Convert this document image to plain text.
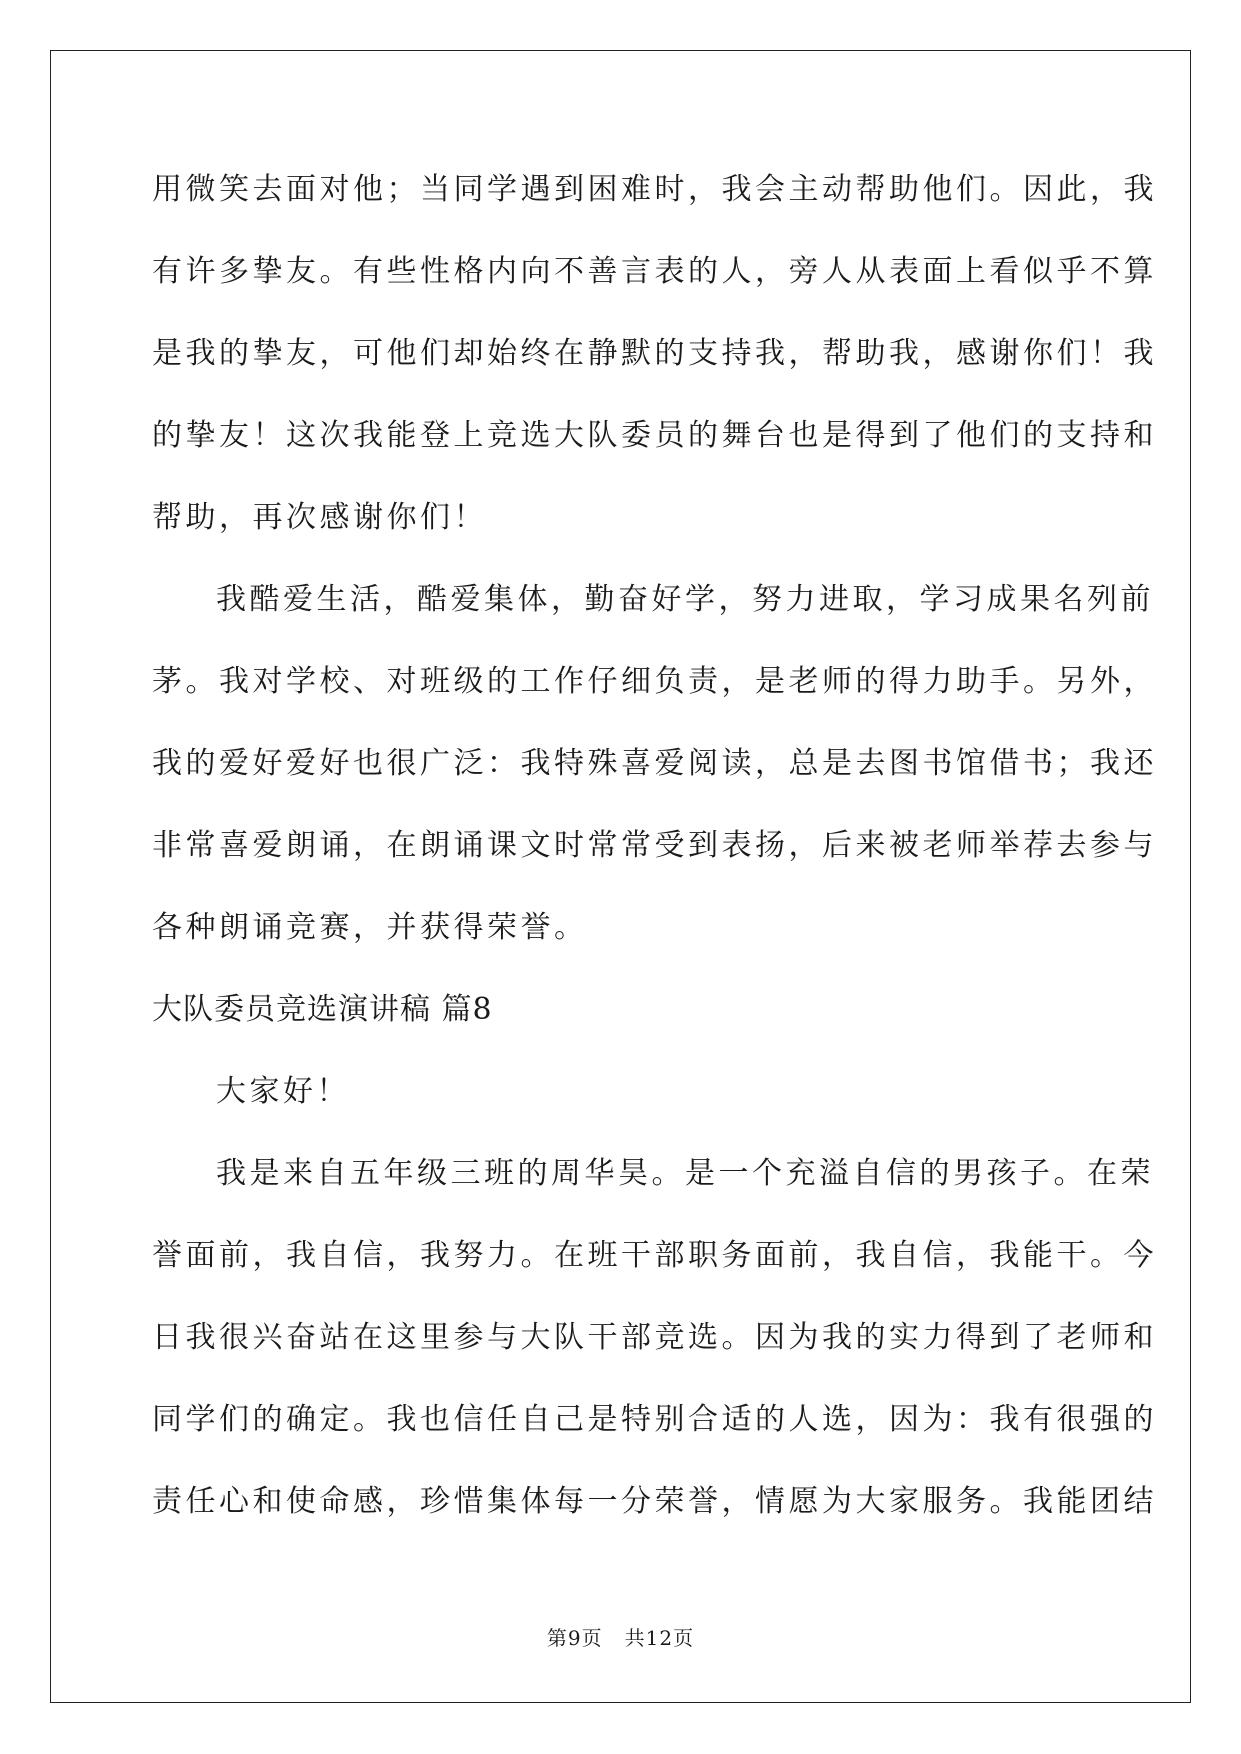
用微笑去面对他；当同学遇到困难时，我会主动帮助他们。因此，我
有许多挚友。有些性格内向不善言表的人，旁人从表面上看似乎不算
是我的挚友，可他们却始终在静默的支持我，帮助我，感谢你们！我
的挚友！这次我能登上竞选大队委员的舞台也是得到了他们的支持和
帮助，再次感谢你们！
我酷爱生活，酷爱集体，勤奋好学，努力进取，学习成果名列前
茅。我对学校、对班级的工作仔细负责，是老师的得力助手。另外，
我的爱好爱好也很广泛：我特殊喜爱阅读，总是去图书馆借书；我还
非常喜爱朗诵，在朗诵课文时常常受到表扬，后来被老师举荐去参与
各种朗诵竞赛，并获得荣誉。
大队委员竞选演讲稿 篇8
大家好！
我是来自五年级三班的周华昊。是一个充溢自信的男孩子。在荣
誉面前，我自信，我努力。在班干部职务面前，我自信，我能干。今
日我很兴奋站在这里参与大队干部竞选。因为我的实力得到了老师和
同学们的确定。我也信任自己是特别合适的人选，因为：我有很强的
责任心和使命感，珍惜集体每一分荣誉，情愿为大家服务。我能团结
第9页 共12页
